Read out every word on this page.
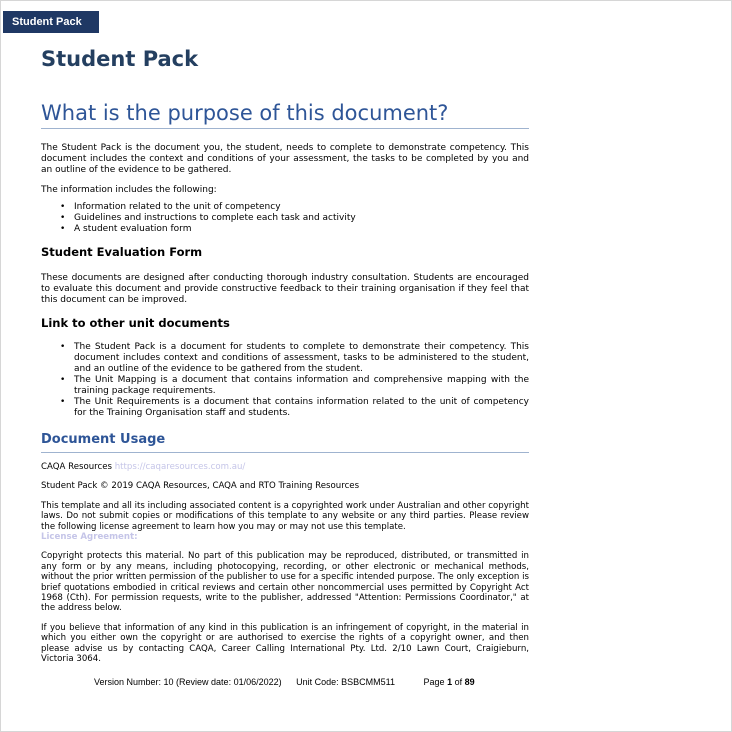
Student Pack
Student Pack
What is the purpose of this document?

The Student Pack is the document you, the student, needs to complete to demonstrate competency. This document includes the context and conditions of your assessment, the tasks to be completed by you and an outline of the evidence to be gathered.

The information includes the following:

• Information related to the unit of competency
• Guidelines and instructions to complete each task and activity
• A student evaluation form
Student Evaluation Form

These documents are designed after conducting thorough industry consultation. Students are encouraged to evaluate this document and provide constructive feedback to their training organisation if they feel that this document can be improved.

Link to other unit documents
• The Student Pack is a document for students to complete to demonstrate their competency. This document includes context and conditions of assessment, tasks to be administered to the student, and an outline of the evidence to be gathered from the student.
• The Unit Mapping is a document that contains information and comprehensive mapping with the training package requirements.
• The Unit Requirements is a document that contains information related to the unit of competency for the Training Organisation staff and students.
Document Usage

CAQA Resources https://caqaresources.com.au/

Student Pack © 2019 CAQA Resources, CAQA and RTO Training Resources

This template and all its including associated content is a copyrighted work under Australian and other copyright laws. Do not submit copies or modifications of this template to any website or any third parties. Please review the following license agreement to learn how you may or may not use this template.

License Agreement:

Copyright protects this material. No part of this publication may be reproduced, distributed, or transmitted in any form or by any means, including photocopying, recording, or other electronic or mechanical methods, without the prior written permission of the publisher to use for a specific intended purpose. The only exception is brief quotations embodied in critical reviews and certain other noncommercial uses permitted by Copyright Act 1968 (Cth). For permission requests, write to the publisher, addressed "Attention: Permissions Coordinator," at the address below.

If you believe that information of any kind in this publication is an infringement of copyright, in the material in which you either own the copyright or are authorised to exercise the rights of a copyright owner, and then please advise us by contacting CAQA, Career Calling International Pty. Ltd. 2/10 Lawn Court, Craigieburn, Victoria 3064.

Version Number: 10 (Review date: 01/06/2022) Unit Code: BSBCMM511	Page 1 of 89
